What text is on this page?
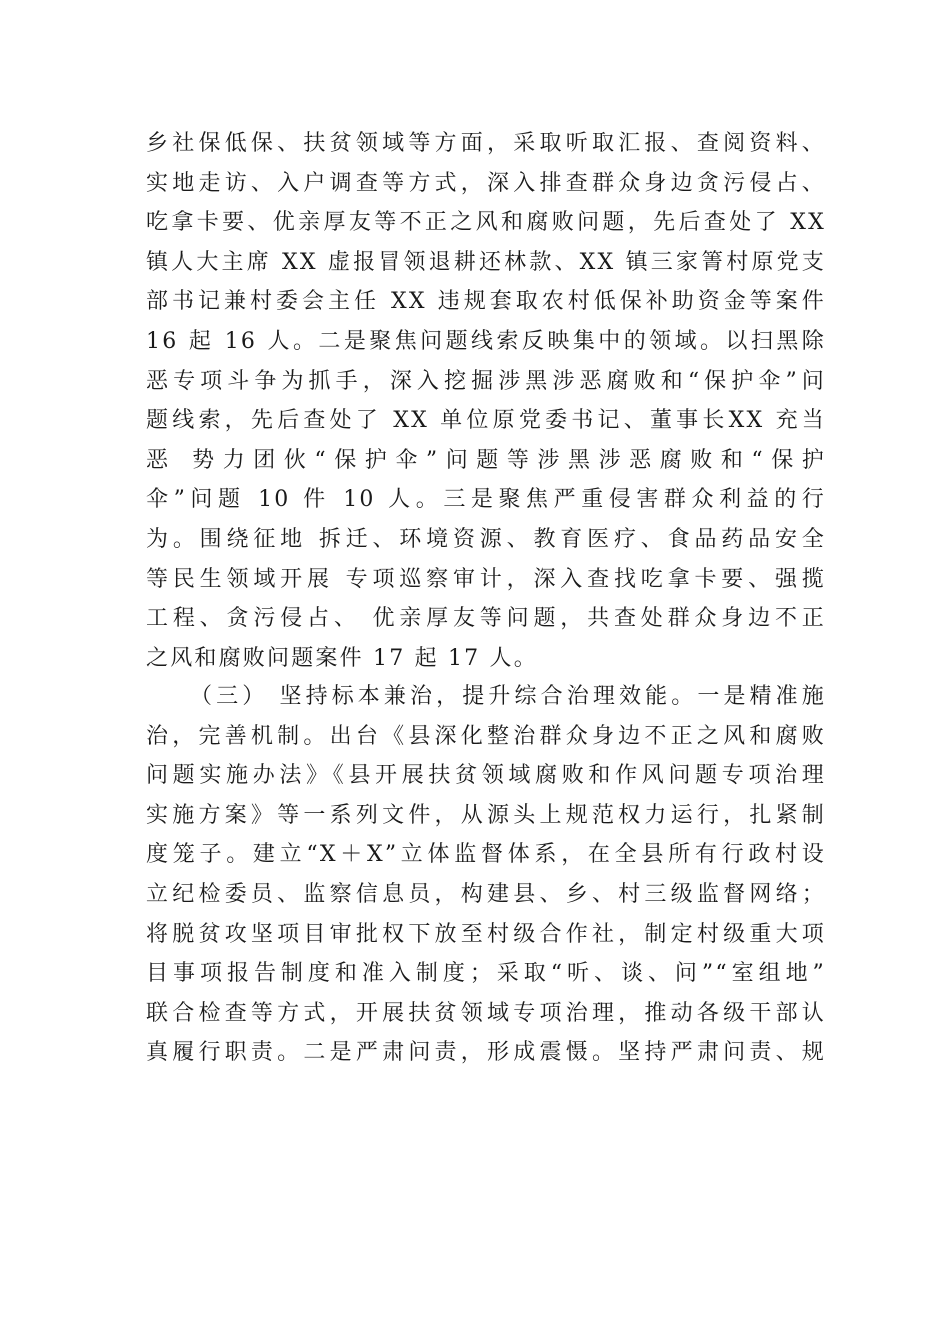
乡社保低保、扶贫领域等方面，采取听取汇报、查阅资料、
实地走访、入户调查等方式，深入排查群众身边贪污侵占、
吃拿卡要、优亲厚友等不正之风和腐败问题，先后查处了 XX
镇人大主席 XX 虚报冒领退耕还林款、XX 镇三家箐村原党支
部书记兼村委会主任 XX 违规套取农村低保补助资金等案件
16 起 16 人。二是聚焦问题线索反映集中的领域。以扫黑除
恶专项斗争为抓手，深入挖掘涉黑涉恶腐败和“保护伞”问
题线索，先后查处了 XX 单位原党委书记、董事长XX 充当
恶 势力团伙“保护伞”问题等涉黑涉恶腐败和“保护
伞”问题 10 件 10 人。三是聚焦严重侵害群众利益的行
为。围绕征地 拆迁、环境资源、教育医疗、食品药品安全
等民生领域开展 专项巡察审计，深入查找吃拿卡要、强揽
工程、贪污侵占、 优亲厚友等问题，共查处群众身边不正
之风和腐败问题案件 17 起 17 人。
（三） 坚持标本兼治，提升综合治理效能。一是精准施
治，完善机制。出台《县深化整治群众身边不正之风和腐败
问题实施办法》《县开展扶贫领域腐败和作风问题专项治理
实施方案》等一系列文件，从源头上规范权力运行，扎紧制
度笼子。建立“X＋X”立体监督体系，在全县所有行政村设
立纪检委员、监察信息员，构建县、乡、村三级监督网络；
将脱贫攻坚项目审批权下放至村级合作社，制定村级重大项
目事项报告制度和准入制度；采取“听、谈、问”“室组地”
联合检查等方式，开展扶贫领域专项治理，推动各级干部认
真履行职责。二是严肃问责，形成震慑。坚持严肃问责、规
